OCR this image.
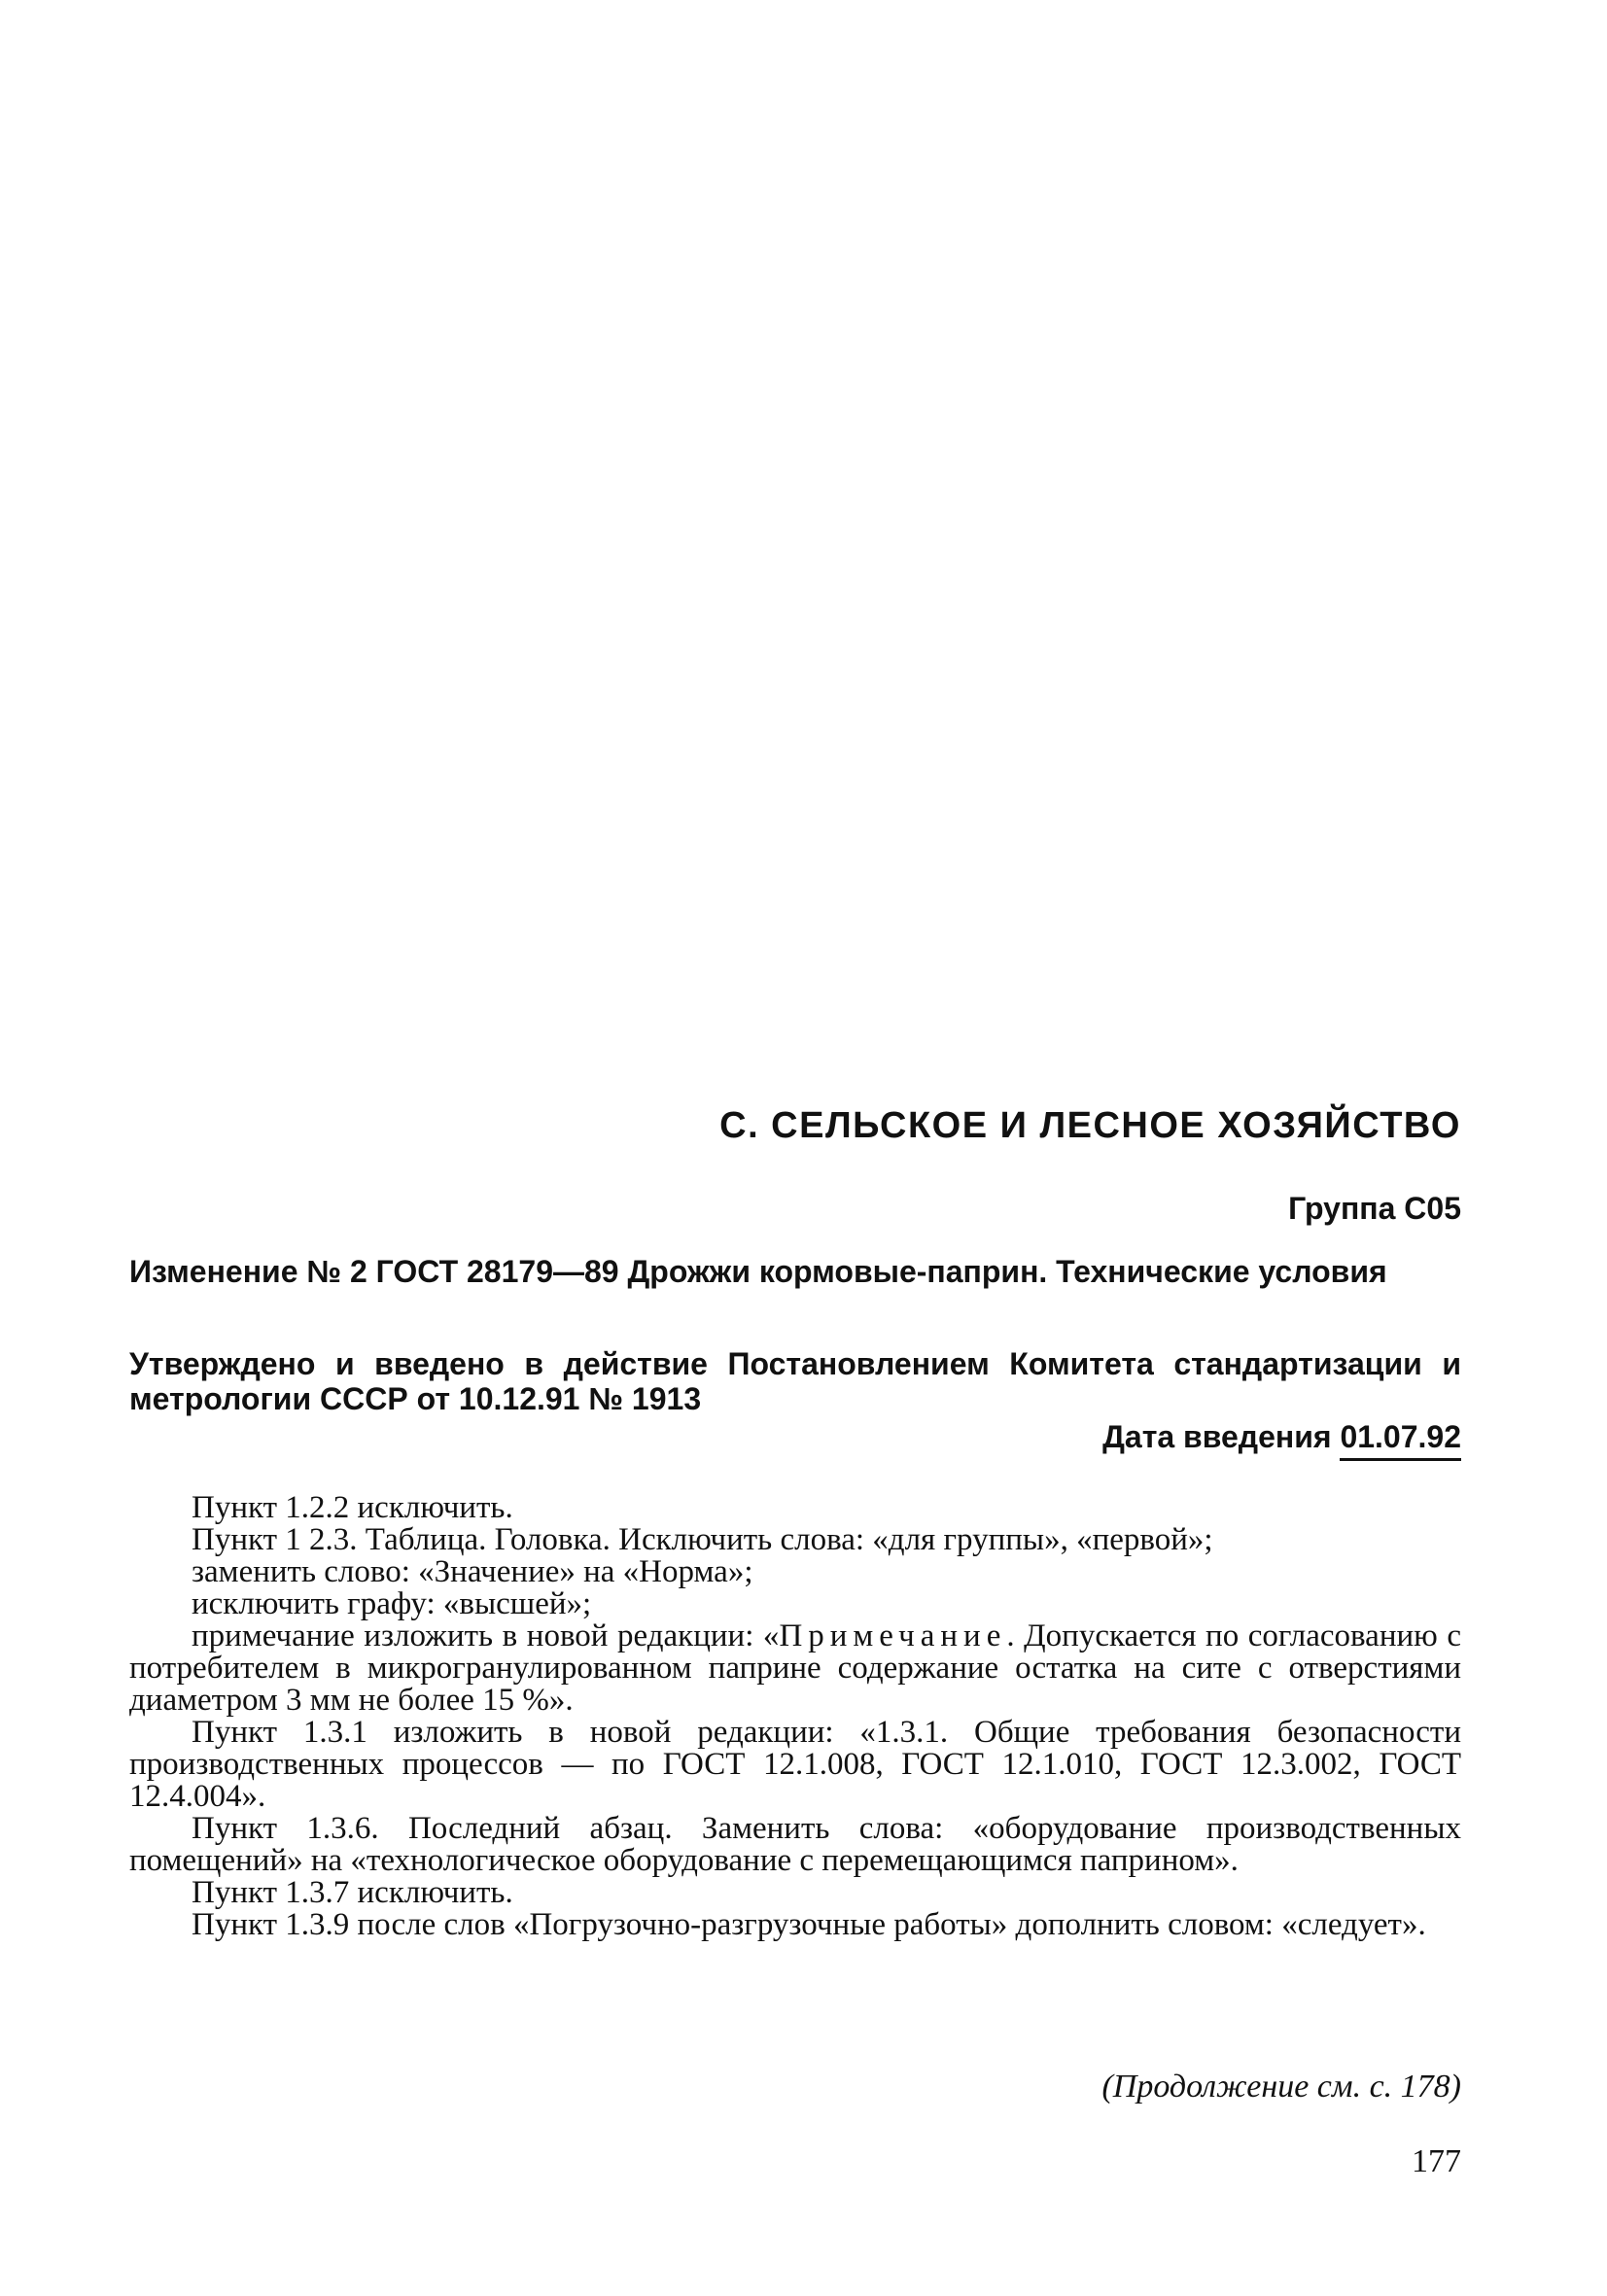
С. СЕЛЬСКОЕ И ЛЕСНОЕ ХОЗЯЙСТВО
Группа С05
Изменение № 2 ГОСТ 28179—89 Дрожжи кормовые-паприн. Технические условия
Утверждено и введено в действие Постановлением Комитета стандартизации и метрологии СССР от 10.12.91 № 1913
Дата введения 01.07.92

Пункт 1.2.2 исключить.

Пункт 1 2.3. Таблица. Головка. Исключить слова: «для группы», «первой»;

заменить слово: «Значение» на «Норма»;

исключить графу: «высшей»;

примечание изложить в новой редакции: «Примечание. Допускается по согласованию с потребителем в микрогранулированном паприне содержание остатка на сите с отверстиями диаметром 3 мм не более 15 %».

Пункт 1.3.1 изложить в новой редакции: «1.3.1. Общие требования безопасности производственных процессов — по ГОСТ 12.1.008, ГОСТ 12.1.010, ГОСТ 12.3.002, ГОСТ 12.4.004».

Пункт 1.3.6. Последний абзац. Заменить слова: «оборудование производственных помещений» на «технологическое оборудование с перемещающимся паприном».

Пункт 1.3.7 исключить.

Пункт 1.3.9 после слов «Погрузочно-разгрузочные работы» дополнить словом: «следует».

(Продолжение см. с. 178)
177
